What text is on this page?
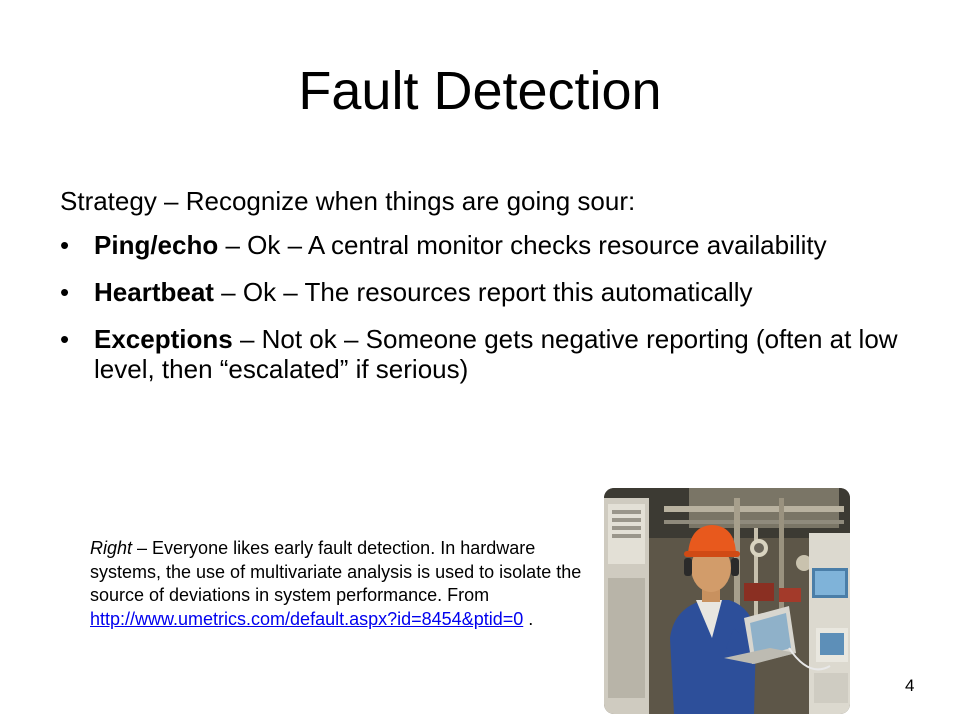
Fault Detection
Strategy – Recognize when things are going sour:
• Ping/echo – Ok – A central monitor checks resource availability
• Heartbeat – Ok – The resources report this automatically
• Exceptions – Not ok – Someone gets negative reporting (often at low level, then “escalated” if serious)
Right – Everyone likes early fault detection. In hardware systems, the use of multivariate analysis is used to isolate the source of deviations in system performance. From http://www.umetrics.com/default.aspx?id=8454&ptid=0 .
4
